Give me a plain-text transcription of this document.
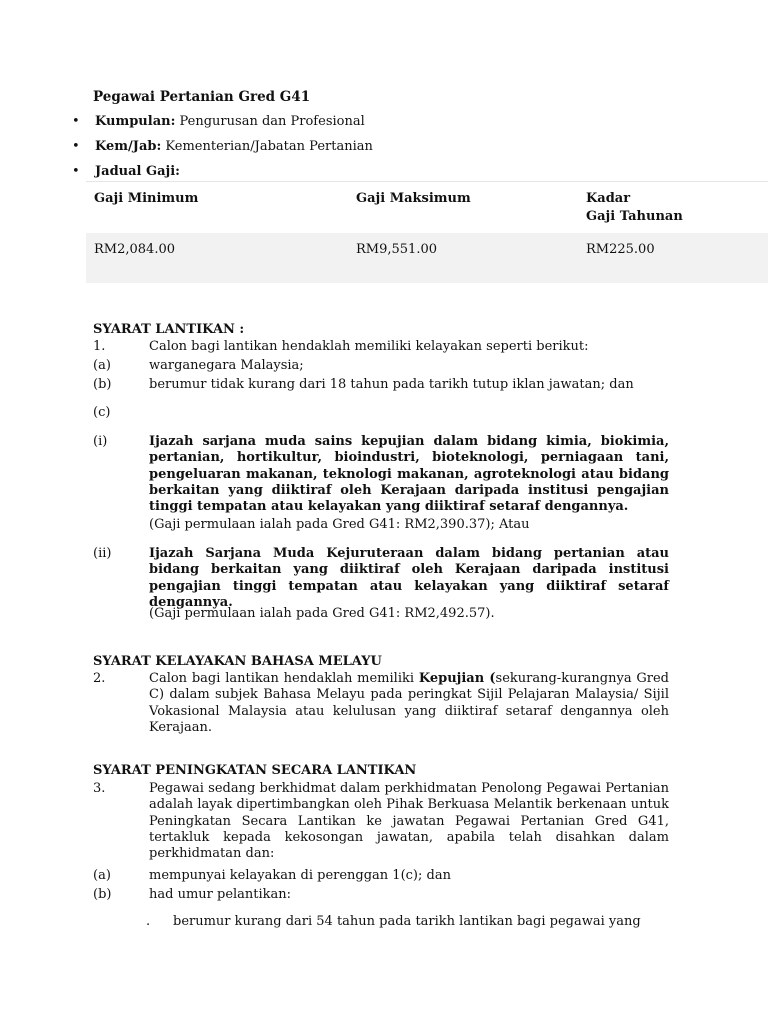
Pegawai Pertanian Gred G41
• Kumpulan: Pengurusan dan Profesional
• Kem/Jab: Kementerian/Jabatan Pertanian
• Jadual Gaji:
Gaji Minimum	Gaji Maksimum	Kadar
Gaji Tahunan
RM2,084.00	RM9,551.00	RM225.00
SYARAT LANTIKAN :
1.	Calon bagi lantikan hendaklah memiliki kelayakan seperti berikut:
(a)	warganegara Malaysia;
(b)	berumur tidak kurang dari 18 tahun pada tarikh tutup iklan jawatan; dan
(c)
(i)	Ijazah sarjana muda sains kepujian dalam bidang kimia, biokimia, pertanian, hortikultur, bioindustri, bioteknologi, perniagaan tani, pengeluaran makanan, teknologi makanan, agroteknologi atau bidang berkaitan yang diiktiraf oleh Kerajaan daripada institusi pengajian tinggi tempatan atau kelayakan yang diiktiraf setaraf dengannya.
(Gaji permulaan ialah pada Gred G41: RM2,390.37); Atau
(ii)	Ijazah Sarjana Muda Kejuruteraan dalam bidang pertanian atau bidang berkaitan yang diiktiraf oleh Kerajaan daripada institusi pengajian tinggi tempatan atau kelayakan yang diiktiraf setaraf dengannya.
(Gaji permulaan ialah pada Gred G41: RM2,492.57).
SYARAT KELAYAKAN BAHASA MELAYU
2.	Calon bagi lantikan hendaklah memiliki Kepujian (sekurang-kurangnya Gred C) dalam subjek Bahasa Melayu pada peringkat Sijil Pelajaran Malaysia/ Sijil Vokasional Malaysia atau kelulusan yang diiktiraf setaraf dengannya oleh Kerajaan.
SYARAT PENINGKATAN SECARA LANTIKAN
3.	Pegawai sedang berkhidmat dalam perkhidmatan Penolong Pegawai Pertanian adalah layak dipertimbangkan oleh Pihak Berkuasa Melantik berkenaan untuk Peningkatan Secara Lantikan ke jawatan Pegawai Pertanian Gred G41, tertakluk kepada kekosongan jawatan, apabila telah disahkan dalam perkhidmatan dan:
(a)	mempunyai kelayakan di perenggan 1(c); dan
(b)	had umur pelantikan:
. berumur kurang dari 54 tahun pada tarikh lantikan bagi pegawai yang
